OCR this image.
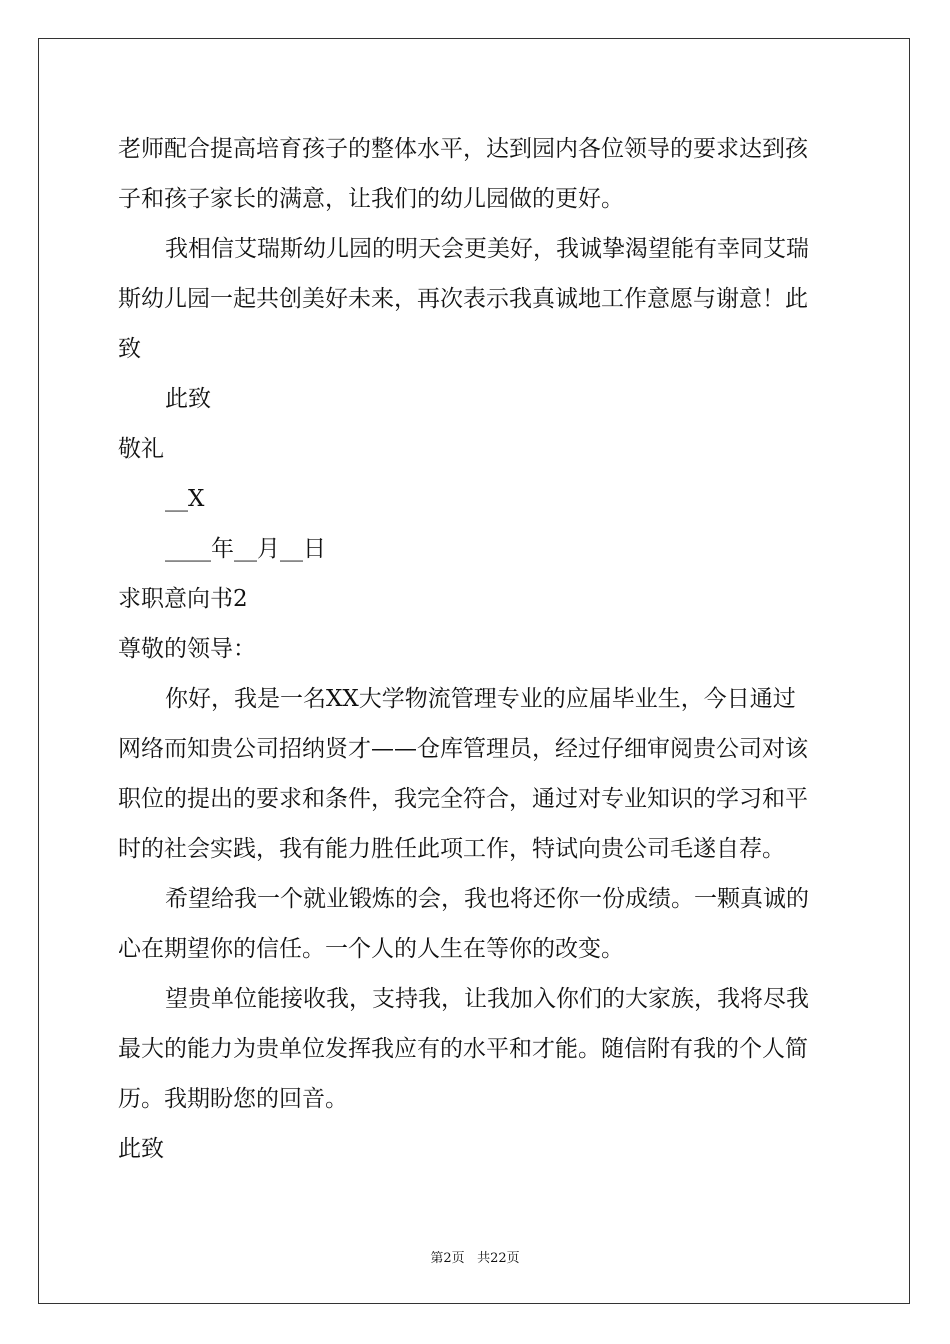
老师配合提高培育孩子的整体水平，达到园内各位领导的要求达到孩

子和孩子家长的满意，让我们的幼儿园做的更好。

我相信艾瑞斯幼儿园的明天会更美好，我诚挚渴望能有幸同艾瑞

斯幼儿园一起共创美好未来，再次表示我真诚地工作意愿与谢意！此

致

此致

敬礼

__X

____年__月__日

求职意向书2

尊敬的领导：

你好，我是一名XX大学物流管理专业的应届毕业生，今日通过

网络而知贵公司招纳贤才——仓库管理员，经过仔细审阅贵公司对该

职位的提出的要求和条件，我完全符合，通过对专业知识的学习和平

时的社会实践，我有能力胜任此项工作，特试向贵公司毛遂自荐。

希望给我一个就业锻炼的会，我也将还你一份成绩。一颗真诚的

心在期望你的信任。一个人的人生在等你的改变。

望贵单位能接收我，支持我，让我加入你们的大家族，我将尽我

最大的能力为贵单位发挥我应有的水平和才能。随信附有我的个人简

历。我期盼您的回音。

此致

第2页 共22页
